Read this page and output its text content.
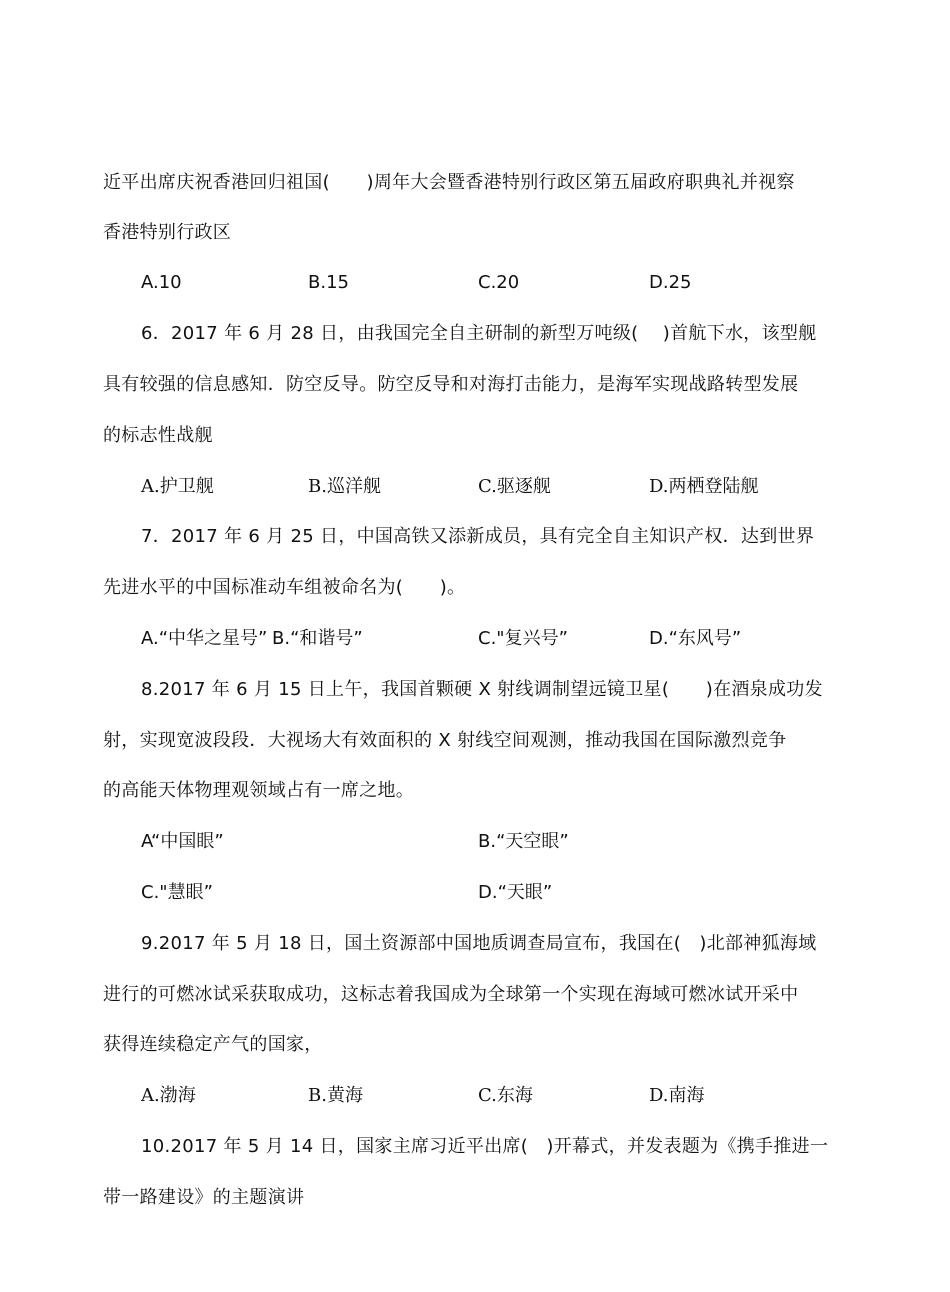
近平出席庆祝香港回归祖国(　　)周年大会暨香港特别行政区第五届政府职典礼并视察
香港特别行政区
A.10	B.15	C.20	D.25
6．2017 年 6 月 28 日，由我国完全自主研制的新型万吨级(　 )首航下水，该型舰
具有较强的信息感知．防空反导。防空反导和对海打击能力，是海军实现战路转型发展
的标志性战舰
A.护卫舰	B.巡洋舰	C.驱逐舰	D.两栖登陆舰
7．2017 年 6 月 25 日，中国高铁又添新成员，具有完全自主知识产权．达到世界
先进水平的中国标准动车组被命名为(　　)。
A.“中华之星号” B.“和谐号”	C."复兴号”	D.“东风号”
8.2017 年 6 月 15 日上午，我国首颗硬 X 射线调制望远镜卫星(　　)在酒泉成功发
射，实现宽波段段．大视场大有效面积的 X 射线空间观测，推动我国在国际激烈竞争
的高能天体物理观领域占有一席之地。
A“中国眼”	B.“天空眼”
C."慧眼”	D.“天眼”
9.2017 年 5 月 18 日，国土资源部中国地质调查局宣布，我国在(　)北部神狐海域
进行的可燃冰试采获取成功，这标志着我国成为全球第一个实现在海域可燃冰试开采中
获得连续稳定产气的国家，
A.渤海	B.黄海	C.东海	D.南海
10.2017 年 5 月 14 日，国家主席习近平出席(　)开幕式，并发表题为《携手推进一
带一路建设》的主题演讲
